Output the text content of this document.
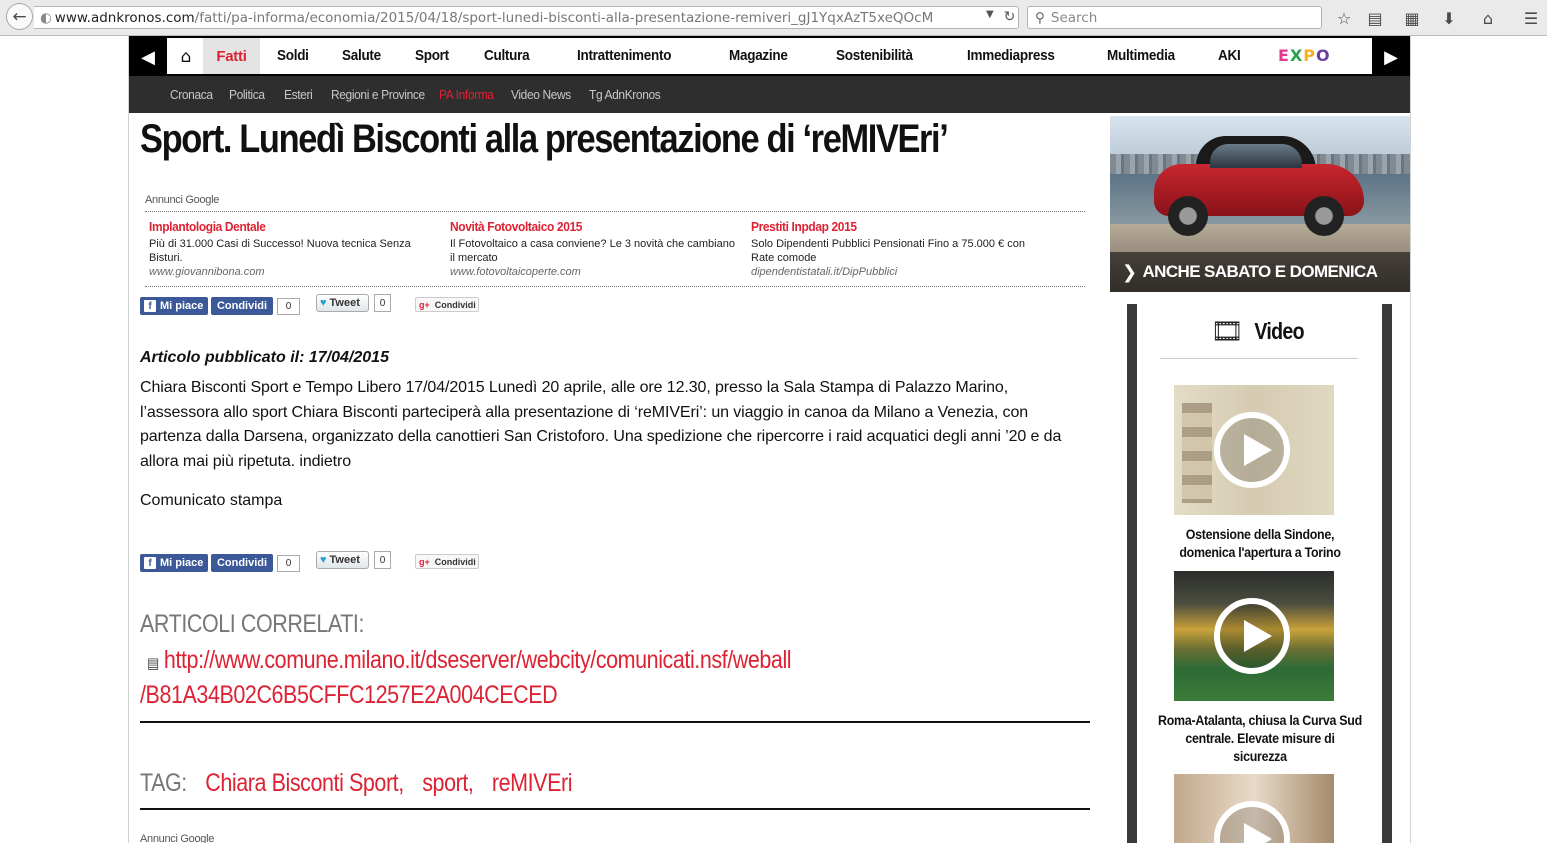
← ◐ www.adnkronos.com /fatti/pa-informa/economia/2015/04/18/sport-lunedi-bisconti-alla-presentazione-remiveri_gJ1YqxAzT5xeQOcM	▼ ↻ ⚲ Search	☆ ▤ ▦ ⬇	⌂	☰
◀	⌂	Fatti	Soldi Salute Sport Cultura	Intrattenimento	Magazine	Sostenibilità	Immediapress	Multimedia	AKI EXPO	▶
Cronaca Politica Esteri Regioni e Province PA Informa Video News Tg AdnKronos
Sport. Lunedì Bisconti alla presentazione di ‘reMIVEri’
Annunci Google
Implantologia Dentale
Più di 31.000 Casi di Successo! Nuova tecnica Senza Bisturi.
www.giovannibona.com
Novità Fotovoltaico 2015
Il Fotovoltaico a casa conviene? Le 3 novità che cambiano il mercato
www.fotovoltaicoperte.com
Prestiti Inpdap 2015
Solo Dipendenti Pubblici Pensionati Fino a 75.000 € con Rate comode
dipendentistatali.it/DipPubblici
f Mi piace	Condividi	0	♥ Tweet	0	g+ Condividi
Articolo pubblicato il: 17/04/2015
Chiara Bisconti Sport e Tempo Libero 17/04/2015 Lunedì 20 aprile, alle ore 12.30, presso la Sala Stampa di Palazzo Marino, l’assessora allo sport Chiara Bisconti parteciperà alla presentazione di ‘reMIVEri’: un viaggio in canoa da Milano a Venezia, con partenza dalla Darsena, organizzato della canottieri San Cristoforo. Una spedizione che ripercorre i raid acquatici degli anni ’20 e da allora mai più ripetuta. indietro
Comunicato stampa
f Mi piace	Condividi	0	♥ Tweet	0	g+ Condividi
ARTICOLI CORRELATI:
▤ http://www.comune.milano.it/dseserver/webcity/comunicati.nsf/weball
/B81A34B02C6B5CFFC1257E2A004CECED
TAG: Chiara Bisconti Sport, sport, reMIVEri
Annunci Google
❯ ANCHE SABATO E DOMENICA
🎞 Video
Ostensione della Sindone, domenica l'apertura a Torino
Roma-Atalanta, chiusa la Curva Sud centrale. Elevate misure di sicurezza
